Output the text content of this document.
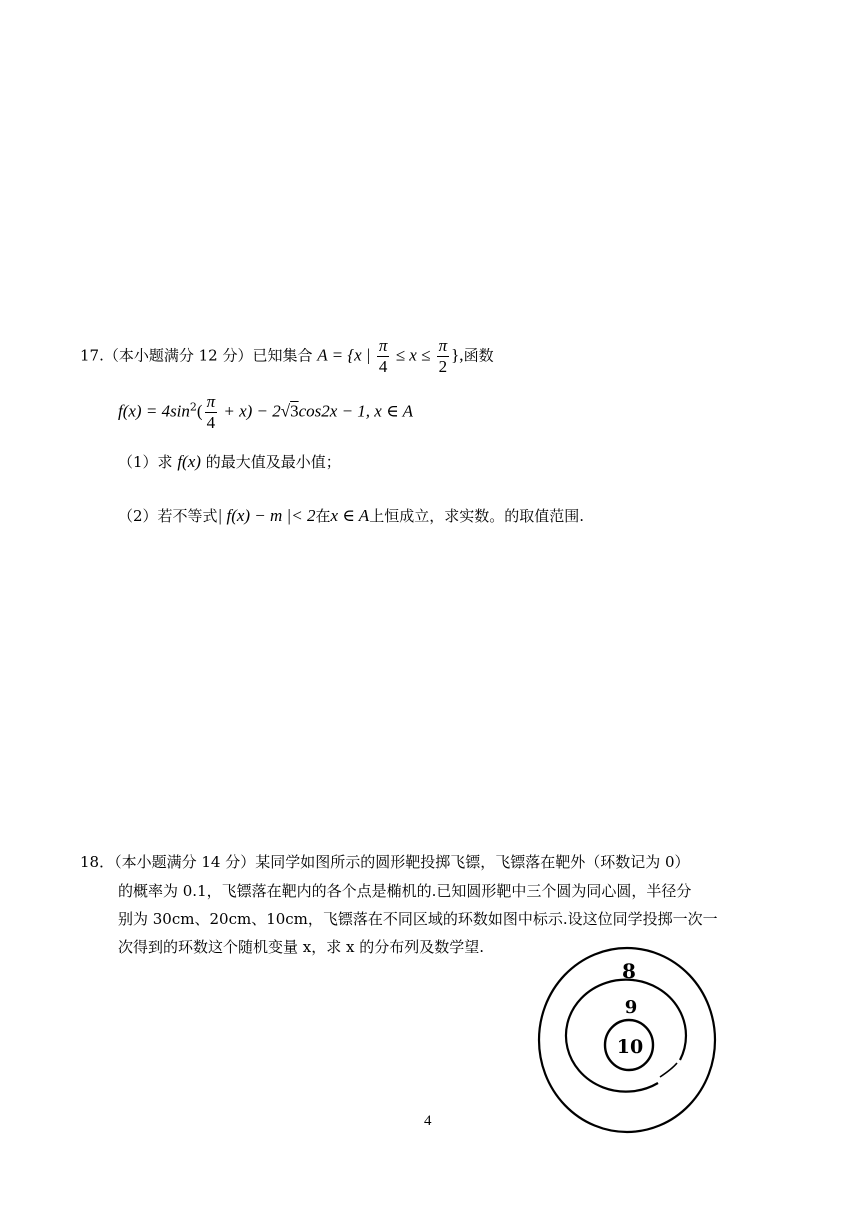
17.（本小题满分 12 分）已知集合 A = {x | $\frac{\pi}{4} \le x \le \frac{\pi}{2}$ },函数
$f(x) = 4\sin^2( \frac{\pi}{4} + x) - 2√3\cos 2x - 1$, x ∈ A
（1）求 f(x) 的最大值及最小值；
（2）若不等式| f(x) − m |< 2在x ∈ A上恒成立，求实数。的取值范围.
18．（本小题满分 14 分）某同学如图所示的圆形靶投掷飞镖，飞镖落在靶外（环数记为 0）
的概率为 0.1，飞镖落在靶内的各个点是椭机的.已知圆形靶中三个圆为同心圆，半径分
别为 30cm、20cm、10cm，飞镖落在不同区域的环数如图中标示.设这位同学投掷一次一
次得到的环数这个随机变量 x，求 x 的分布列及数学望.
8
9
10
4
